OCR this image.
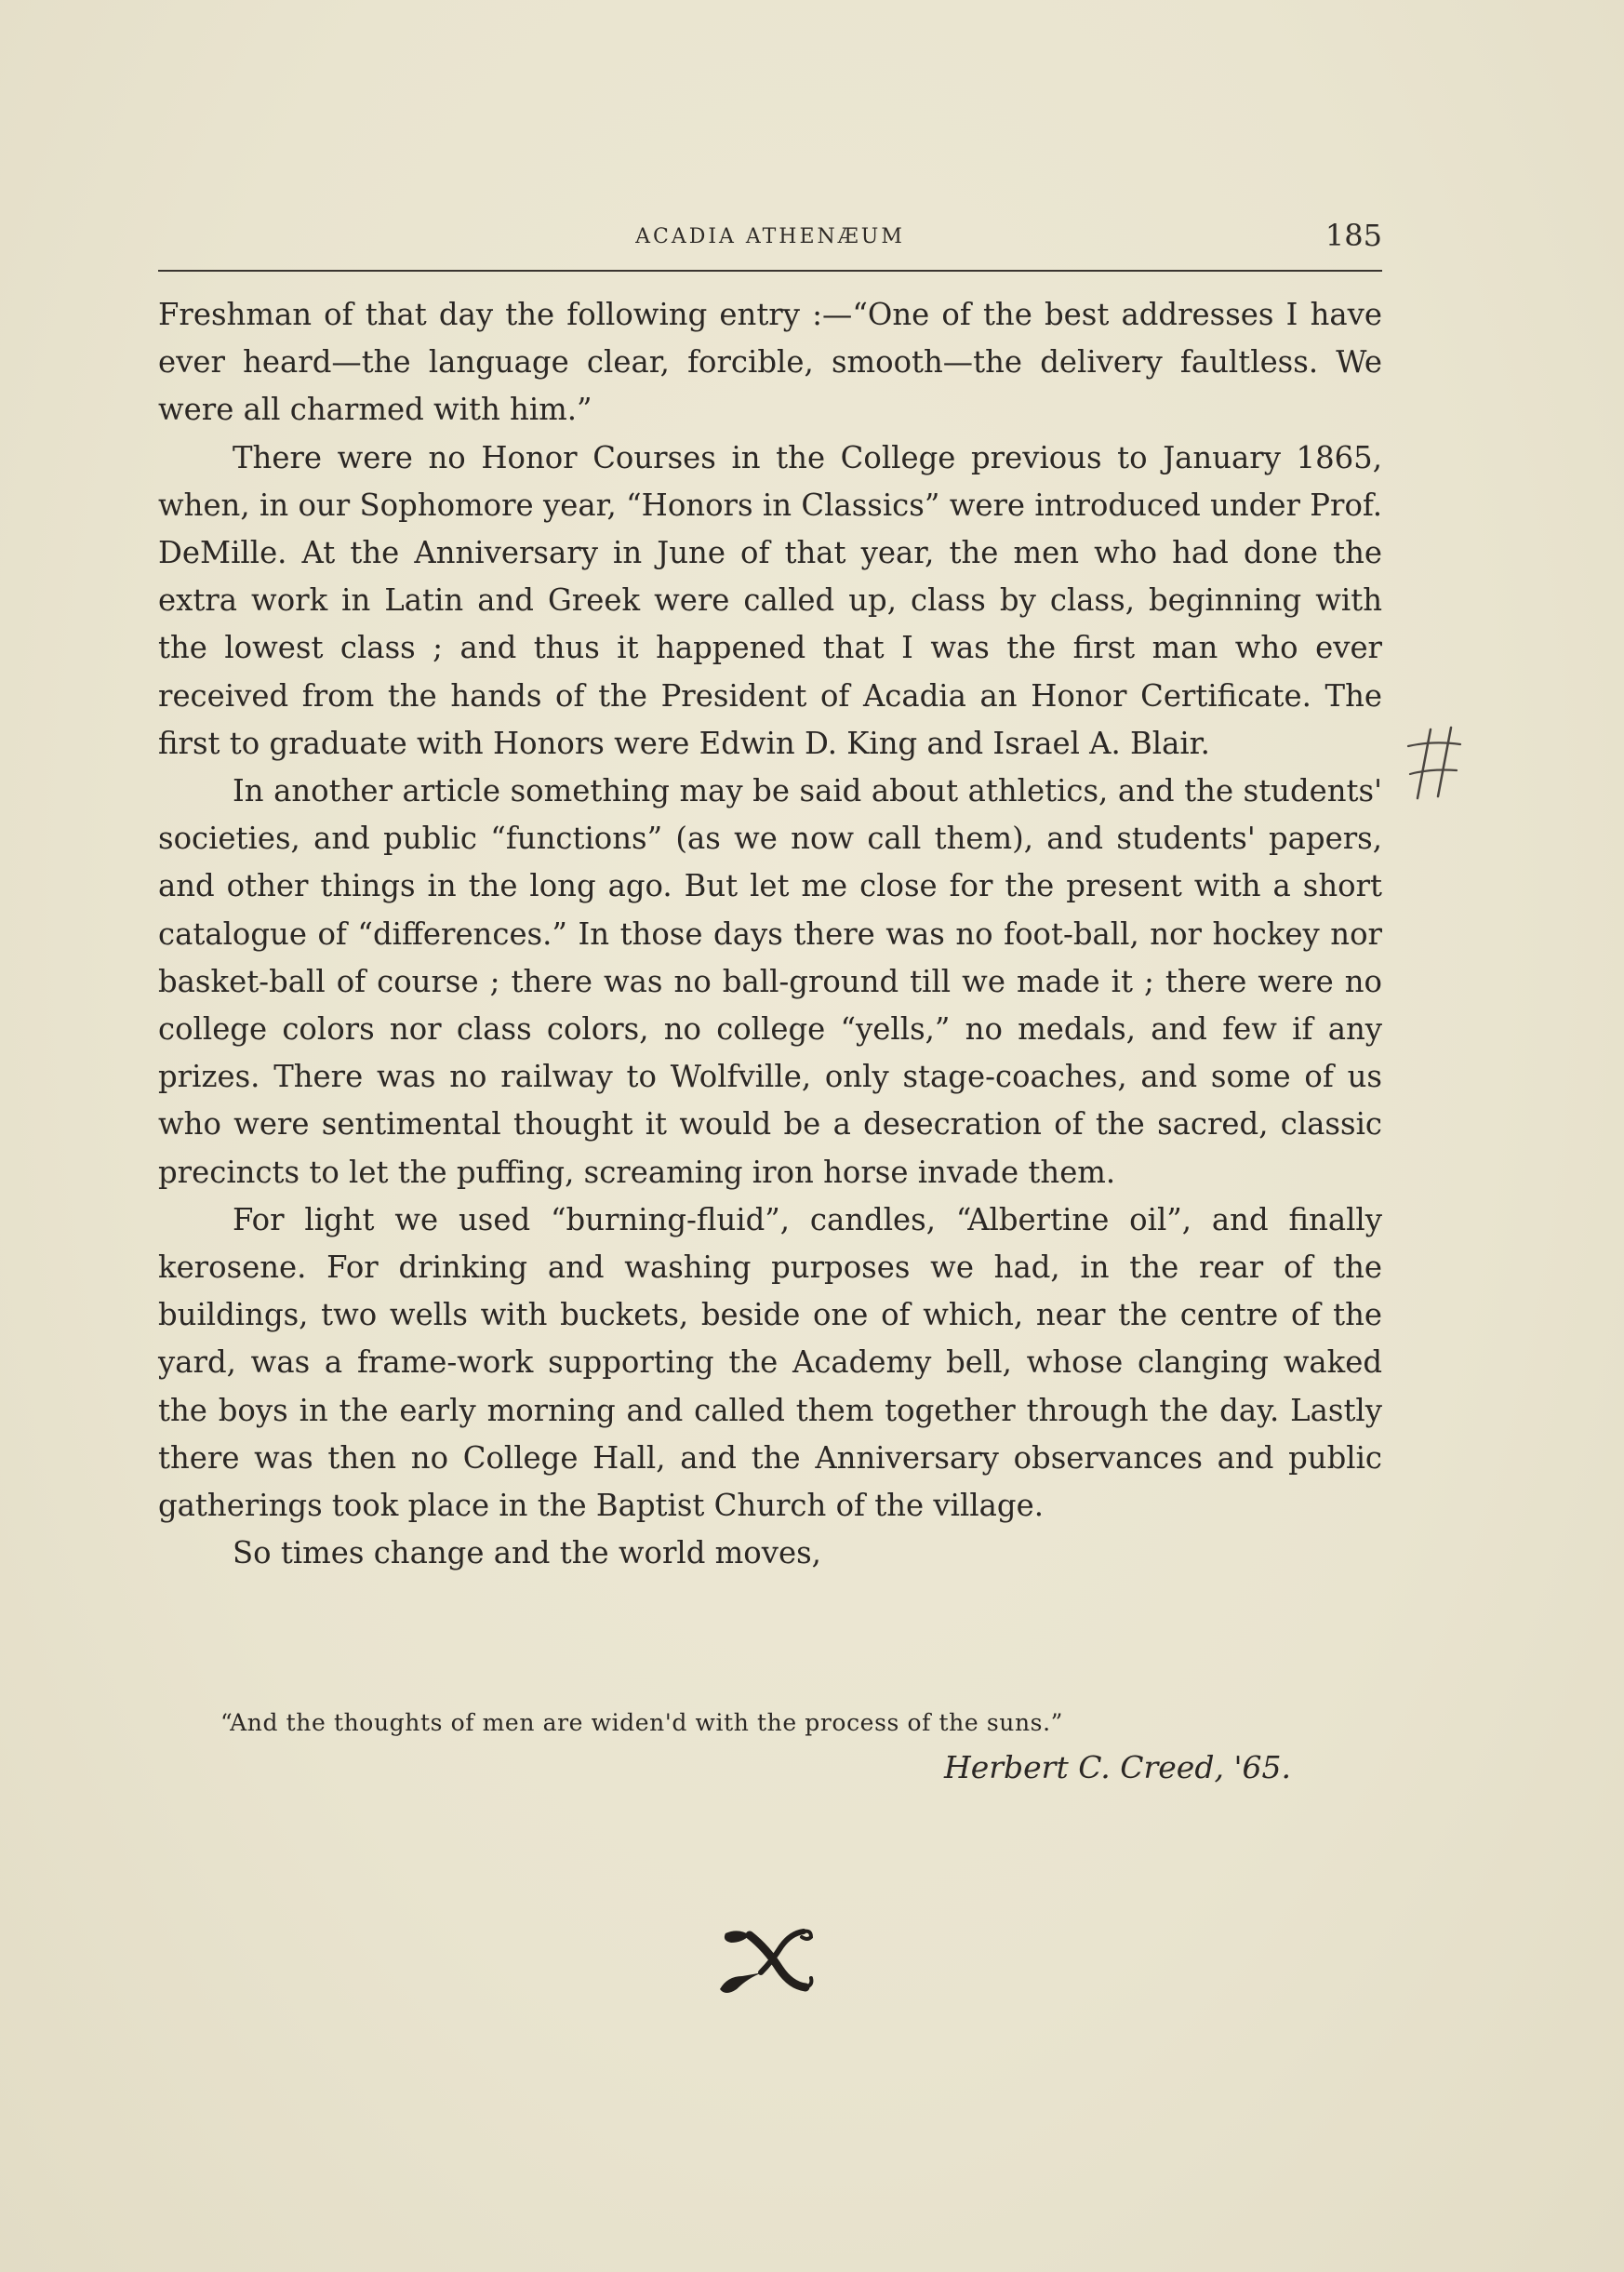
ACADIA ATHENÆUM	185

Freshman of that day the following entry :—“One of the best addresses I have ever heard—the language clear, forcible, smooth—the delivery faultless. We were all charmed with him.”

There were no Honor Courses in the College previous to January 1865, when, in our Sophomore year, “Honors in Classics” were introduced under Prof. DeMille. At the Anniversary in June of that year, the men who had done the extra work in Latin and Greek were called up, class by class, beginning with the lowest class ; and thus it happened that I was the first man who ever received from the hands of the President of Acadia an Honor Certificate. The first to graduate with Honors were Edwin D. King and Israel A. Blair.

In another article something may be said about athletics, and the students' societies, and public “functions” (as we now call them), and students' papers, and other things in the long ago. But let me close for the present with a short catalogue of “differences.” In those days there was no foot-ball, nor hockey nor basket-ball of course ; there was no ball-ground till we made it ; there were no college colors nor class colors, no college “yells,” no medals, and few if any prizes. There was no railway to Wolfville, only stage-coaches, and some of us who were sentimental thought it would be a desecration of the sacred, classic precincts to let the puffing, screaming iron horse invade them.

For light we used “burning-fluid”, candles, “Albertine oil”, and finally kerosene. For drinking and washing purposes we had, in the rear of the buildings, two wells with buckets, beside one of which, near the centre of the yard, was a frame-work supporting the Academy bell, whose clanging waked the boys in the early morning and called them together through the day. Lastly there was then no College Hall, and the Anniversary observances and public gatherings took place in the Baptist Church of the village.

So times change and the world moves,

“And the thoughts of men are widen'd with the process of the suns.”
Herbert C. Creed, '65.
